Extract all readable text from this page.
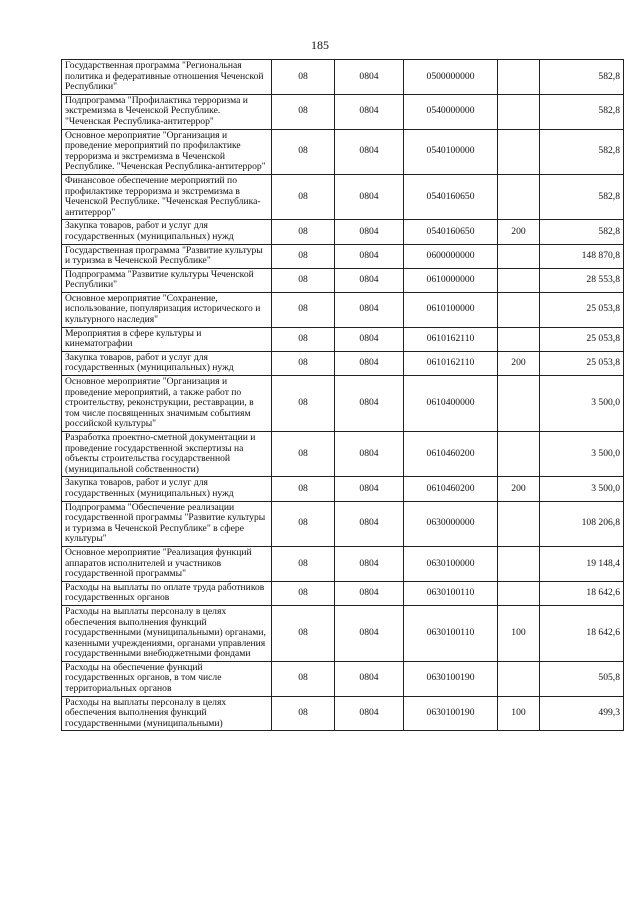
185
Государственная программа "Региональная политика и федеративные отношения Чеченской Республики"	08	0804	0500000000		582,8
Подпрограмма "Профилактика терроризма и экстремизма в Чеченской Республике. "Чеченская Республика-антитеррор"	08	0804	0540000000		582,8
Основное мероприятие "Организация и проведение мероприятий по профилактике терроризма и экстремизма в Чеченской Республике. "Чеченская Республика-антитеррор"	08	0804	0540100000		582,8
Финансовое обеспечение мероприятий по профилактике терроризма и экстремизма в Чеченской Республике. "Чеченская Республика-антитеррор"	08	0804	0540160650		582,8
Закупка товаров, работ и услуг для государственных (муниципальных) нужд	08	0804	0540160650	200	582,8
Государственная программа "Развитие культуры и туризма в Чеченской Республике"	08	0804	0600000000		148 870,8
Подпрограмма "Развитие культуры Чеченской Республики"	08	0804	0610000000		28 553,8
Основное мероприятие "Сохранение, использование, популяризация исторического и культурного наследия"	08	0804	0610100000		25 053,8
Мероприятия в сфере культуры и кинематографии	08	0804	0610162110		25 053,8
Закупка товаров, работ и услуг для государственных (муниципальных) нужд	08	0804	0610162110	200	25 053,8
Основное мероприятие "Организация и проведение мероприятий, а также работ по строительству, реконструкции, реставрации, в том числе посвященных значимым событиям российской культуры"	08	0804	0610400000		3 500,0
Разработка проектно-сметной документации и проведение государственной экспертизы на объекты строительства государственной (муниципальной собственности)	08	0804	0610460200		3 500,0
Закупка товаров, работ и услуг для государственных (муниципальных) нужд	08	0804	0610460200	200	3 500,0
Подпрограмма "Обеспечение реализации государственной программы "Развитие культуры и туризма в Чеченской Республике" в сфере культуры"	08	0804	0630000000		108 206,8
Основное мероприятие "Реализация функций аппаратов исполнителей и участников государственной программы"	08	0804	0630100000		19 148,4
Расходы на выплаты по оплате труда работников государственных органов	08	0804	0630100110		18 642,6
Расходы на выплаты персоналу в целях обеспечения выполнения функций государственными (муниципальными) органами, казенными учреждениями, органами управления государственными внебюджетными фондами	08	0804	0630100110	100	18 642,6
Расходы на обеспечение функций государственных органов, в том числе территориальных органов	08	0804	0630100190		505,8
Расходы на выплаты персоналу в целях обеспечения выполнения функций государственными (муниципальными)	08	0804	0630100190	100	499,3
